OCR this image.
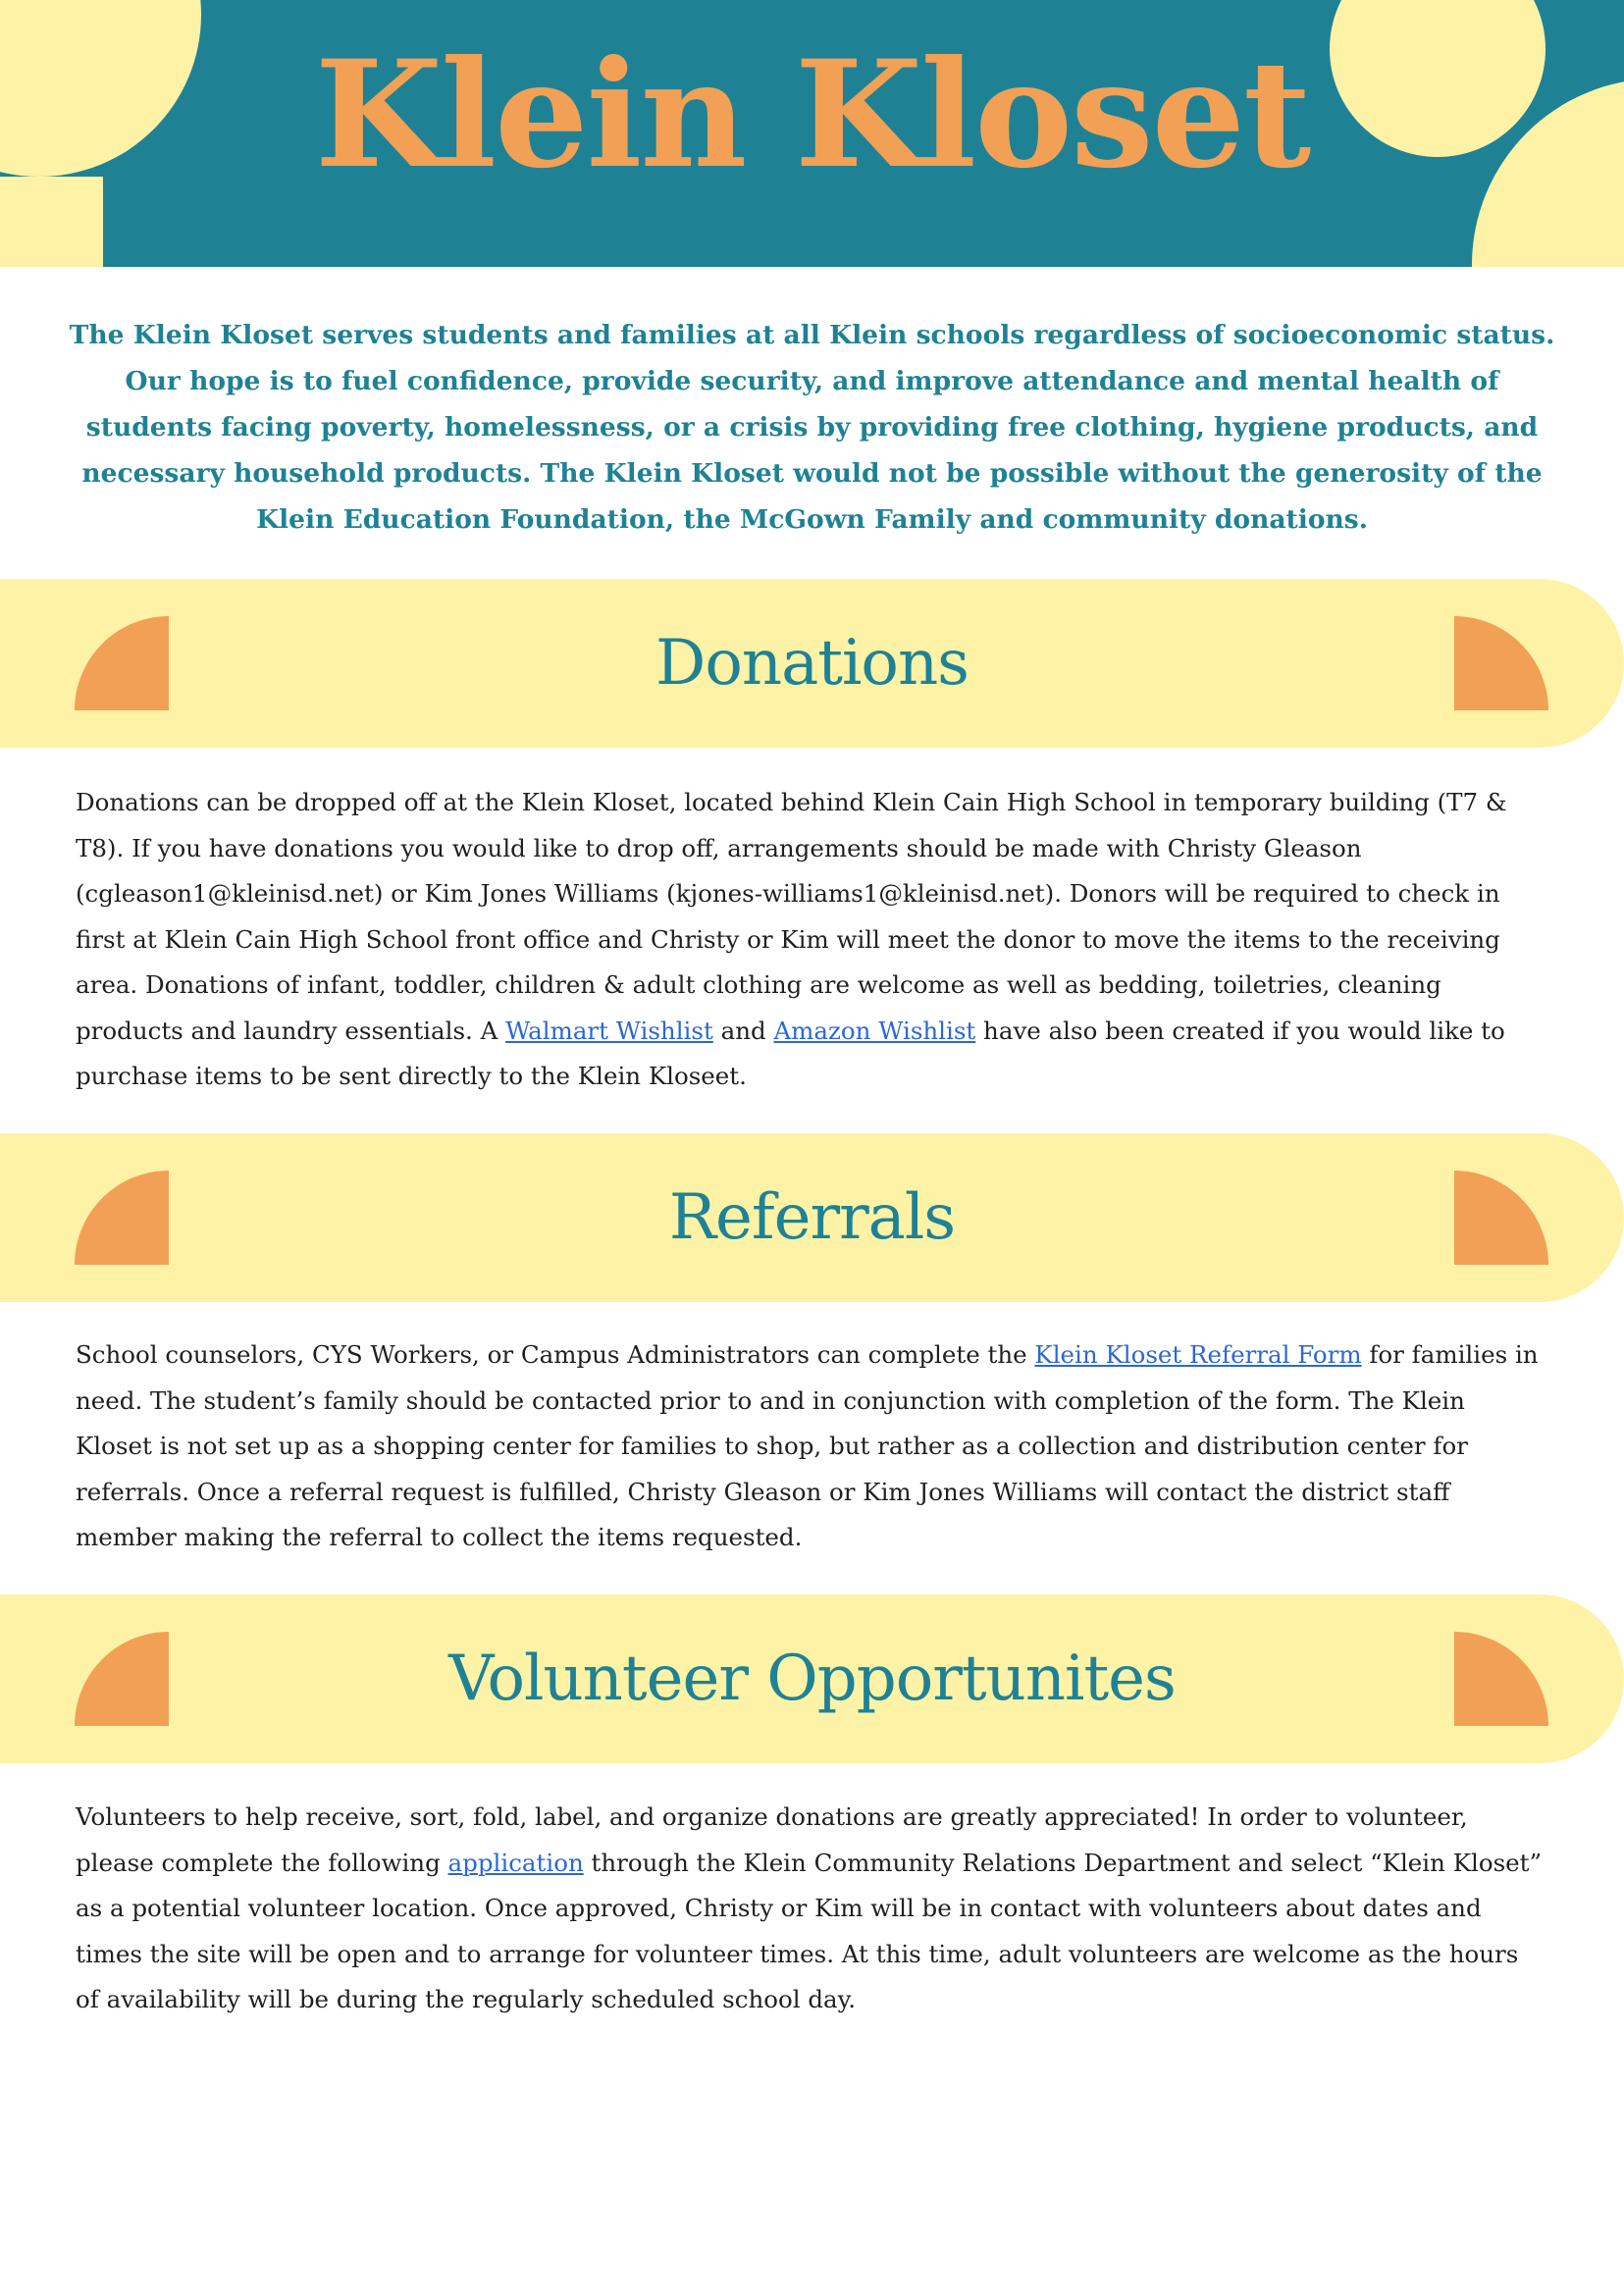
Klein Kloset
The Klein Kloset serves students and families at all Klein schools regardless of socioeconomic status. Our hope is to fuel confidence, provide security, and improve attendance and mental health of students facing poverty, homelessness, or a crisis by providing free clothing, hygiene products, and necessary household products. The Klein Kloset would not be possible without the generosity of the Klein Education Foundation, the McGown Family and community donations.
Donations
Donations can be dropped off at the Klein Kloset, located behind Klein Cain High School in temporary building (T7 & T8). If you have donations you would like to drop off, arrangements should be made with Christy Gleason (cgleason1@kleinisd.net) or Kim Jones Williams (kjones-williams1@kleinisd.net). Donors will be required to check in first at Klein Cain High School front office and Christy or Kim will meet the donor to move the items to the receiving area. Donations of infant, toddler, children & adult clothing are welcome as well as bedding, toiletries, cleaning products and laundry essentials. A Walmart Wishlist and Amazon Wishlist have also been created if you would like to purchase items to be sent directly to the Klein Kloseet.
Referrals
School counselors, CYS Workers, or Campus Administrators can complete the Klein Kloset Referral Form for families in need. The student’s family should be contacted prior to and in conjunction with completion of the form. The Klein Kloset is not set up as a shopping center for families to shop, but rather as a collection and distribution center for referrals. Once a referral request is fulfilled, Christy Gleason or Kim Jones Williams will contact the district staff member making the referral to collect the items requested.
Volunteer Opportunites
Volunteers to help receive, sort, fold, label, and organize donations are greatly appreciated! In order to volunteer, please complete the following application through the Klein Community Relations Department and select “Klein Kloset” as a potential volunteer location. Once approved, Christy or Kim will be in contact with volunteers about dates and times the site will be open and to arrange for volunteer times. At this time, adult volunteers are welcome as the hours of availability will be during the regularly scheduled school day.
